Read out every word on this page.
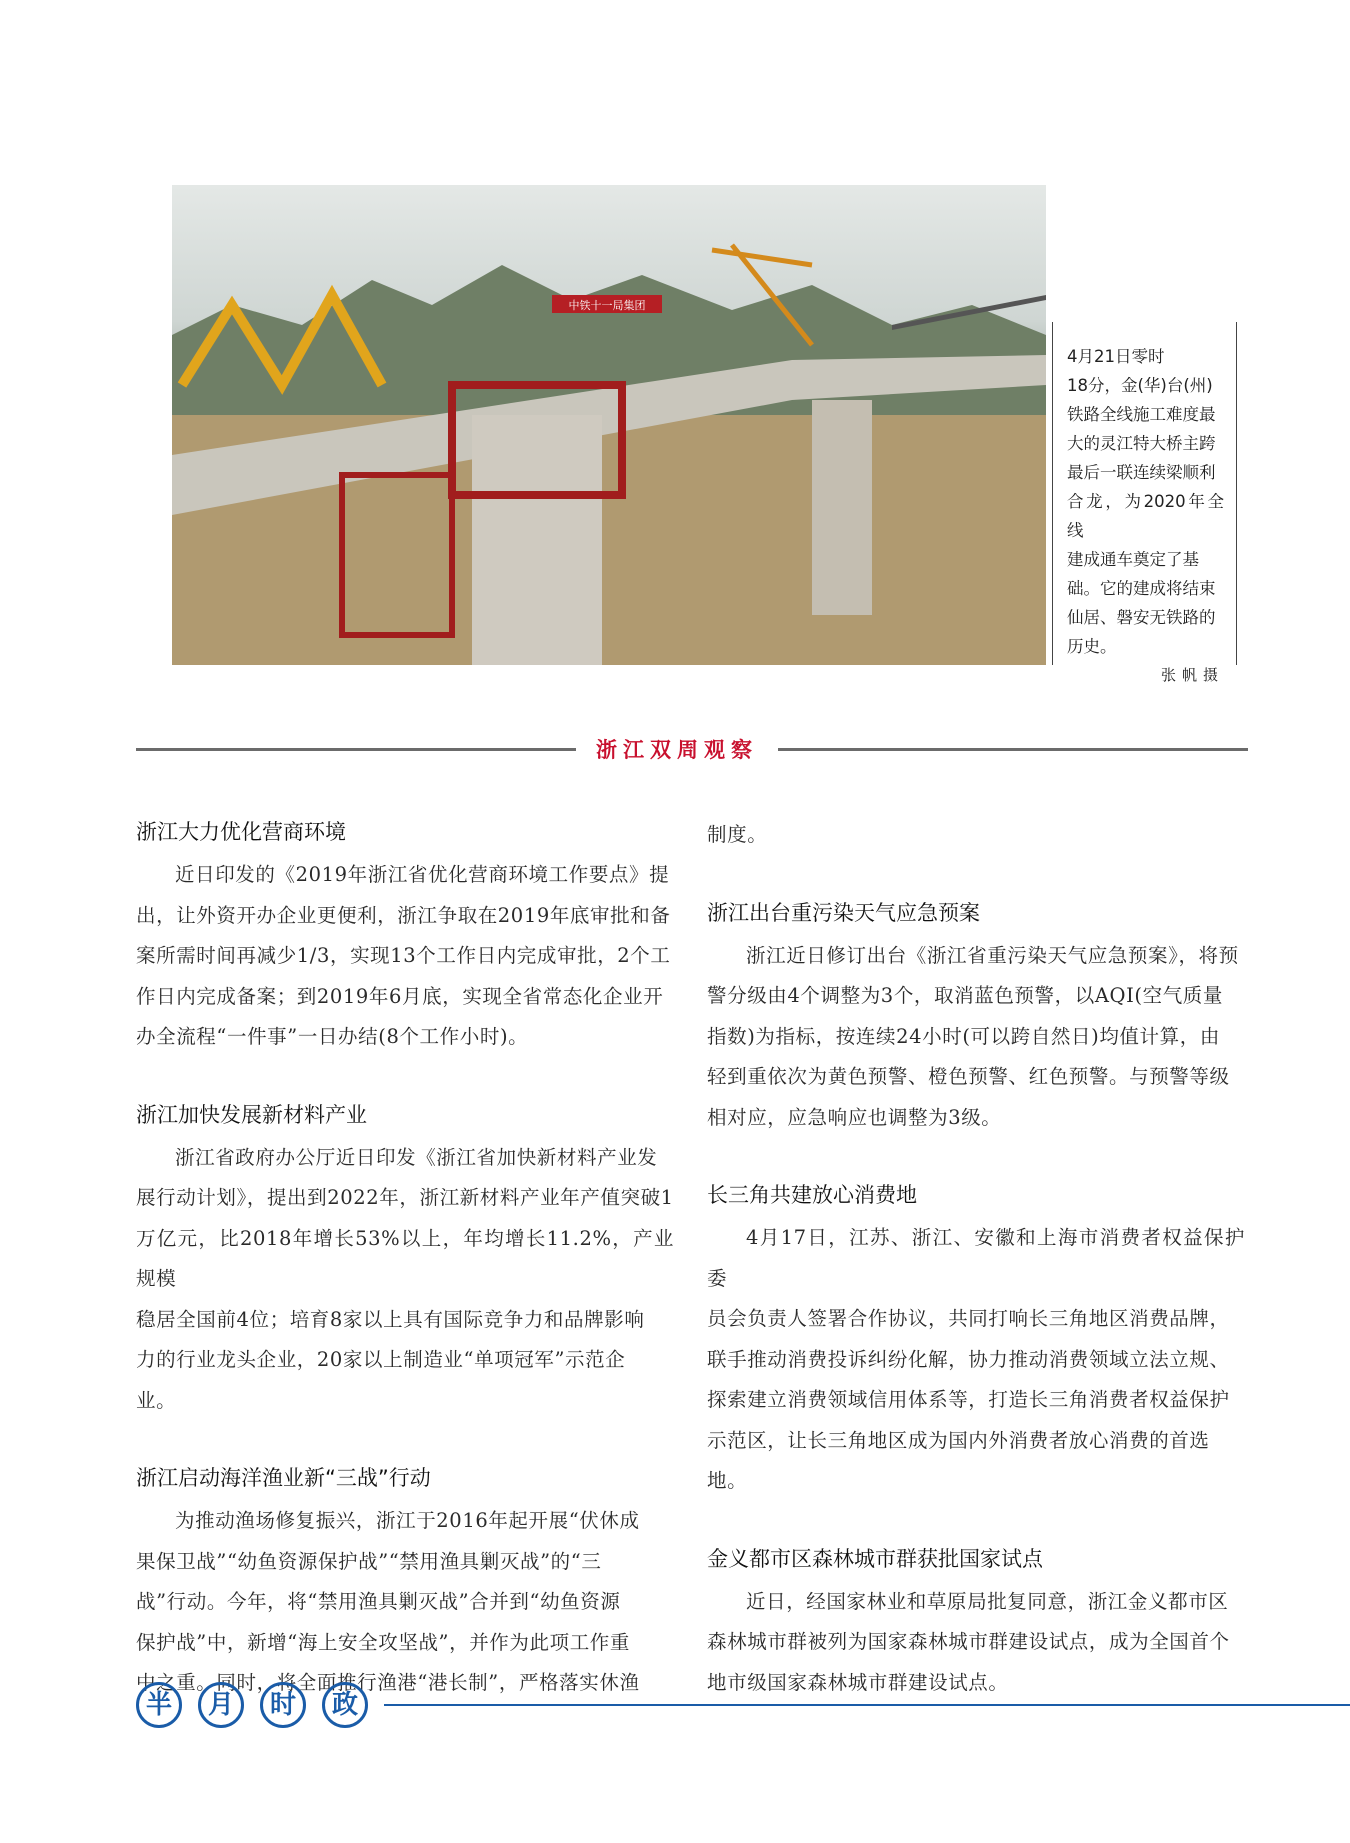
中铁十一局集团
4月21日零时
18分，金(华)台(州)
铁路全线施工难度最
大的灵江特大桥主跨
最后一联连续梁顺利
合龙，为2020年全线
建成通车奠定了基
础。它的建成将结束
仙居、磐安无铁路的
历史。
张帆摄
浙江双周观察
浙江大力优化营商环境

近日印发的《2019年浙江省优化营商环境工作要点》提

出，让外资开办企业更便利，浙江争取在2019年底审批和备

案所需时间再减少1/3，实现13个工作日内完成审批，2个工

作日内完成备案；到2019年6月底，实现全省常态化企业开

办全流程“一件事”一日办结(8个工作小时)。

浙江加快发展新材料产业

浙江省政府办公厅近日印发《浙江省加快新材料产业发

展行动计划》，提出到2022年，浙江新材料产业年产值突破1

万亿元，比2018年增长53%以上，年均增长11.2%，产业规模

稳居全国前4位；培育8家以上具有国际竞争力和品牌影响

力的行业龙头企业，20家以上制造业“单项冠军”示范企

业。

浙江启动海洋渔业新“三战”行动

为推动渔场修复振兴，浙江于2016年起开展“伏休成

果保卫战”“幼鱼资源保护战”“禁用渔具剿灭战”的“三

战”行动。今年，将“禁用渔具剿灭战”合并到“幼鱼资源

保护战”中，新增“海上安全攻坚战”，并作为此项工作重

中之重。同时，将全面推行渔港“港长制”，严格落实休渔

制度。

浙江出台重污染天气应急预案

浙江近日修订出台《浙江省重污染天气应急预案》，将预

警分级由4个调整为3个，取消蓝色预警，以AQI(空气质量

指数)为指标，按连续24小时(可以跨自然日)均值计算，由

轻到重依次为黄色预警、橙色预警、红色预警。与预警等级

相对应，应急响应也调整为3级。

长三角共建放心消费地

4月17日，江苏、浙江、安徽和上海市消费者权益保护委

员会负责人签署合作协议，共同打响长三角地区消费品牌，

联手推动消费投诉纠纷化解，协力推动消费领域立法立规、

探索建立消费领域信用体系等，打造长三角消费者权益保护

示范区，让长三角地区成为国内外消费者放心消费的首选

地。

金义都市区森林城市群获批国家试点

近日，经国家林业和草原局批复同意，浙江金义都市区

森林城市群被列为国家森林城市群建设试点，成为全国首个

地市级国家森林城市群建设试点。

半	月	时	政
